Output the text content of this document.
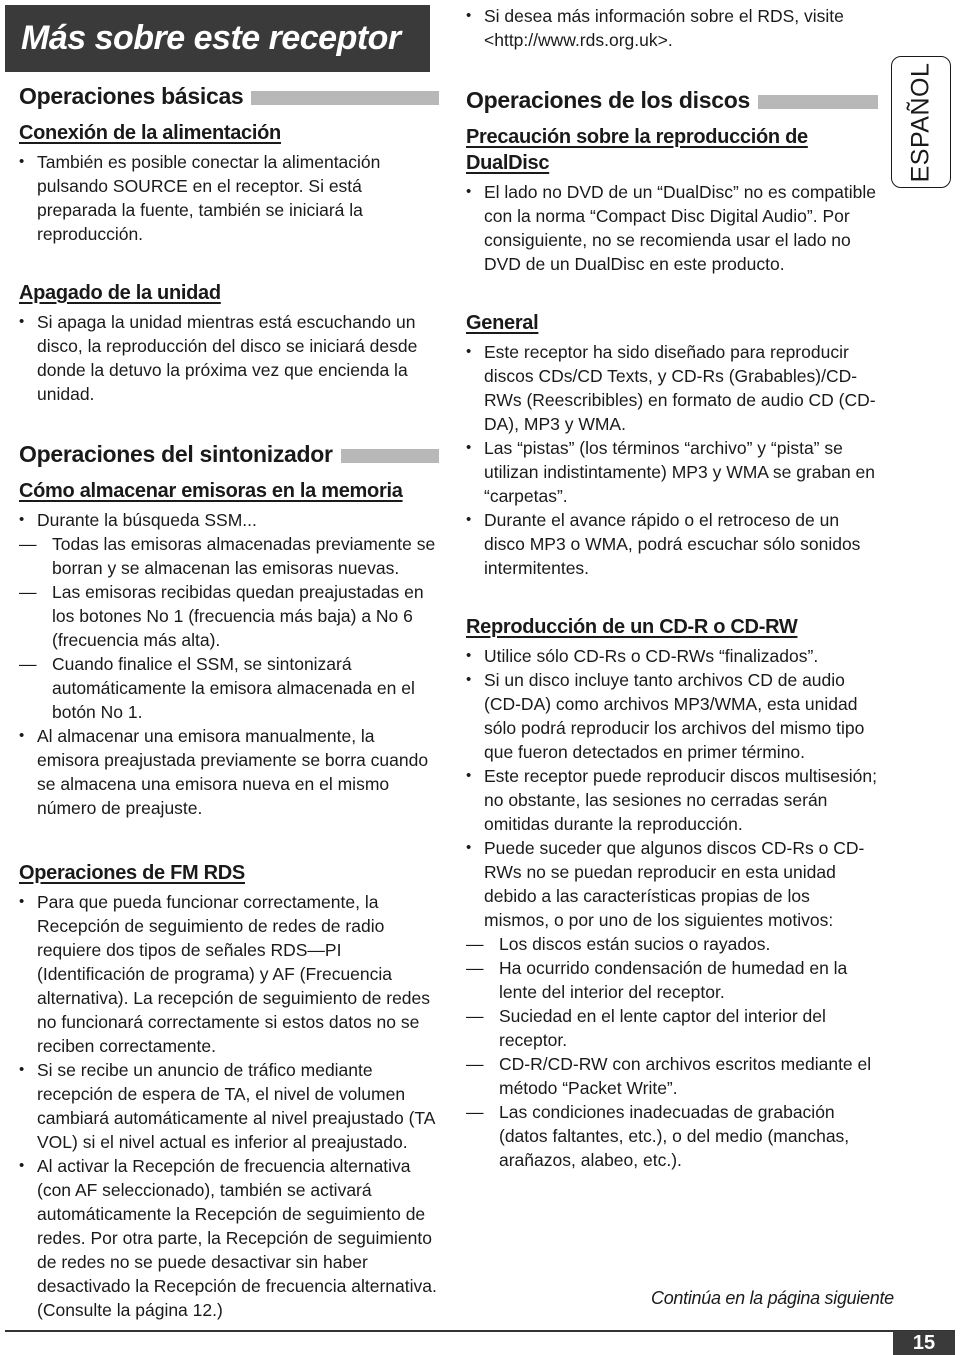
Más sobre este receptor
Operaciones básicas
Conexión de la alimentación
• También es posible conectar la alimentación pulsando SOURCE en el receptor. Si está preparada la fuente, también se iniciará la reproducción.
Apagado de la unidad
• Si apaga la unidad mientras está escuchando un disco, la reproducción del disco se iniciará desde donde la detuvo la próxima vez que encienda la unidad.
Operaciones del sintonizador
Cómo almacenar emisoras en la memoria
• Durante la búsqueda SSM...
— Todas las emisoras almacenadas previamente se borran y se almacenan las emisoras nuevas.
— Las emisoras recibidas quedan preajustadas en los botones No 1 (frecuencia más baja) a No 6 (frecuencia más alta).
— Cuando finalice el SSM, se sintonizará automáticamente la emisora almacenada en el botón No 1.
• Al almacenar una emisora manualmente, la emisora preajustada previamente se borra cuando se almacena una emisora nueva en el mismo número de preajuste.
Operaciones de FM RDS
• Para que pueda funcionar correctamente, la Recepción de seguimiento de redes de radio requiere dos tipos de señales RDS—PI (Identificación de programa) y AF (Frecuencia alternativa). La recepción de seguimiento de redes no funcionará correctamente si estos datos no se reciben correctamente.
• Si se recibe un anuncio de tráfico mediante recepción de espera de TA, el nivel de volumen cambiará automáticamente al nivel preajustado (TA VOL) si el nivel actual es inferior al preajustado.
• Al activar la Recepción de frecuencia alternativa (con AF seleccionado), también se activará automáticamente la Recepción de seguimiento de redes. Por otra parte, la Recepción de seguimiento de redes no se puede desactivar sin haber desactivado la Recepción de frecuencia alternativa. (Consulte la página 12.)
• Si desea más información sobre el RDS, visite <http://www.rds.org.uk>.
Operaciones de los discos
Precaución sobre la reproducción de DualDisc
• El lado no DVD de un “DualDisc” no es compatible con la norma “Compact Disc Digital Audio”. Por consiguiente, no se recomienda usar el lado no DVD de un DualDisc en este producto.
General
• Este receptor ha sido diseñado para reproducir discos CDs/CD Texts, y CD-Rs (Grabables)/CD-RWs (Reescribibles) en formato de audio CD (CD-DA), MP3 y WMA.
• Las “pistas” (los términos “archivo” y “pista” se utilizan indistintamente) MP3 y WMA se graban en “carpetas”.
• Durante el avance rápido o el retroceso de un disco MP3 o WMA, podrá escuchar sólo sonidos intermitentes.
Reproducción de un CD-R o CD-RW
• Utilice sólo CD-Rs o CD-RWs “finalizados”.
• Si un disco incluye tanto archivos CD de audio (CD-DA) como archivos MP3/WMA, esta unidad sólo podrá reproducir los archivos del mismo tipo que fueron detectados en primer término.
• Este receptor puede reproducir discos multisesión; no obstante, las sesiones no cerradas serán omitidas durante la reproducción.
• Puede suceder que algunos discos CD-Rs o CD-RWs no se puedan reproducir en esta unidad debido a las características propias de los mismos, o por uno de los siguientes motivos:
— Los discos están sucios o rayados.
— Ha ocurrido condensación de humedad en la lente del interior del receptor.
— Suciedad en el lente captor del interior del receptor.
— CD-R/CD-RW con archivos escritos mediante el método “Packet Write”.
— Las condiciones inadecuadas de grabación (datos faltantes, etc.), o del medio (manchas, arañazos, alabeo, etc.).
ESPAÑOL
Continúa en la página siguiente
15
